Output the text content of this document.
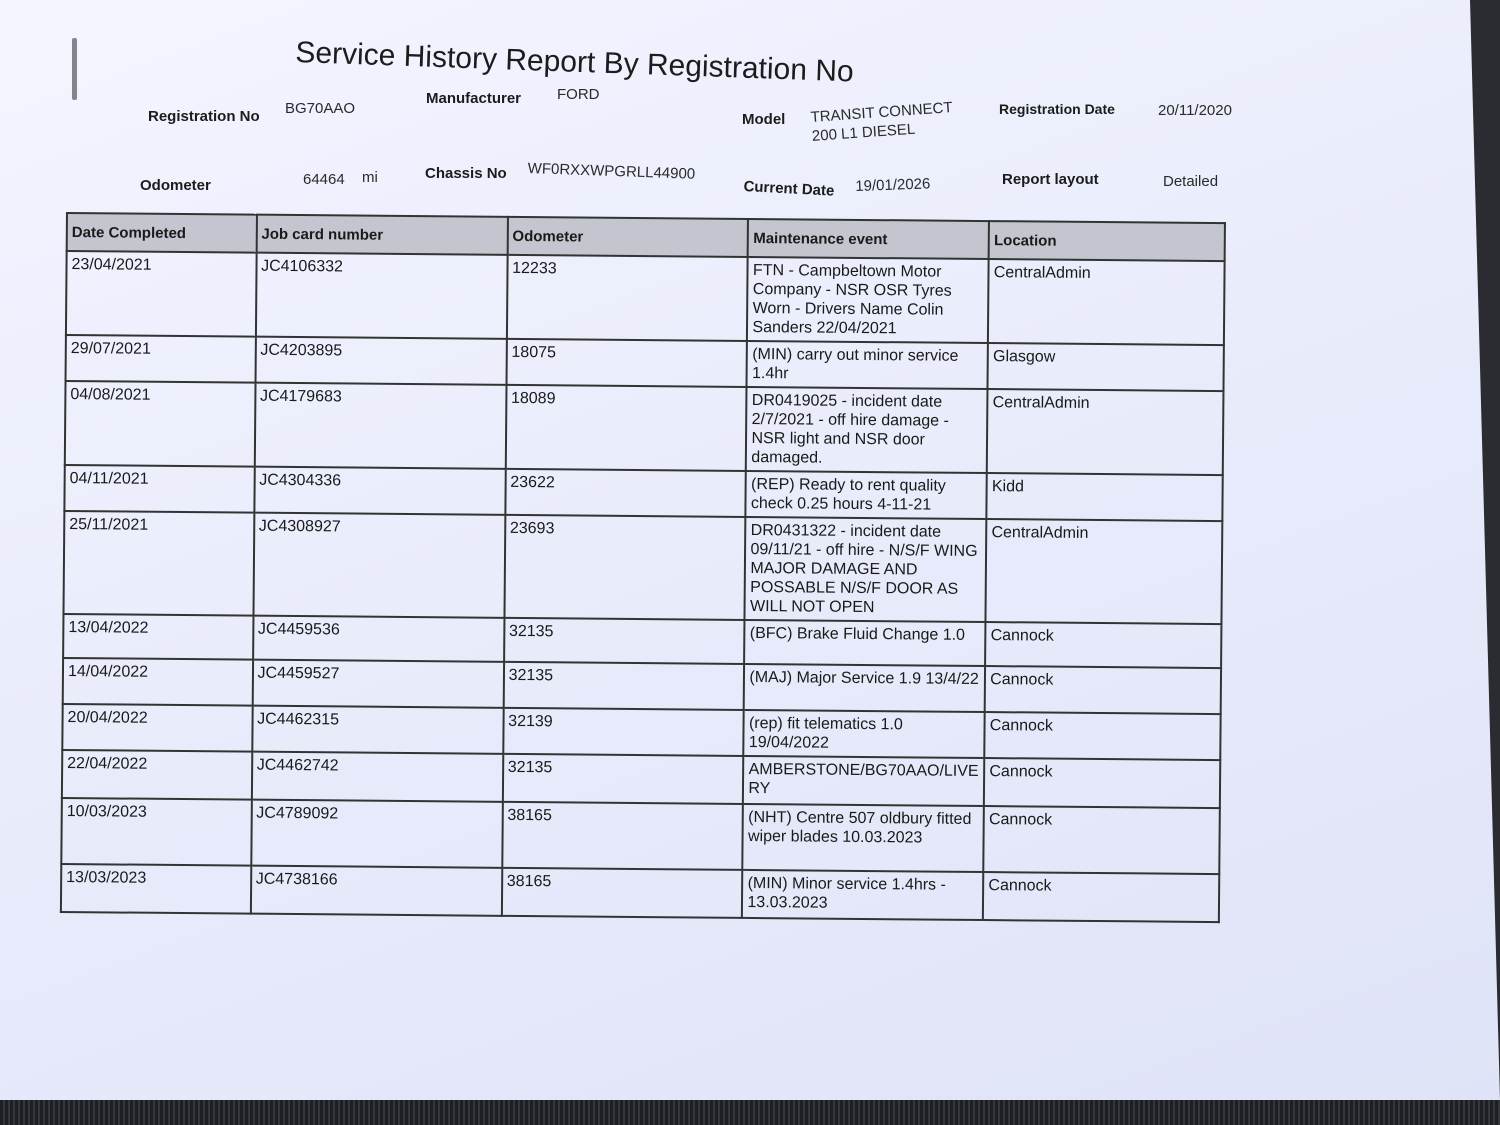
Service History Report By Registration No
Registration No BG70AAO
Manufacturer FORD
Model TRANSIT CONNECT
200 L1 DIESEL
Registration Date	20/11/2020
Odometer	64464 mi	Chassis No WF0RXXWPGRLL44900
Current Date 19/01/2026	Report layout	Detailed
Date Completed	Job card number	Odometer	Maintenance event	Location
23/04/2021	JC4106332	12233	FTN - Campbeltown Motor Company - NSR OSR Tyres Worn - Drivers Name Colin Sanders 22/04/2021	CentralAdmin
29/07/2021	JC4203895	18075	(MIN) carry out minor service 1.4hr	Glasgow
04/08/2021	JC4179683	18089	DR0419025 - incident date 2/7/2021 - off hire damage - NSR light and NSR door damaged.	CentralAdmin
04/11/2021	JC4304336	23622	(REP) Ready to rent quality check 0.25 hours 4-11-21	Kidd
25/11/2021	JC4308927	23693	DR0431322 - incident date 09/11/21 - off hire - N/S/F WING MAJOR DAMAGE AND POSSABLE N/S/F DOOR AS WILL NOT OPEN	CentralAdmin
13/04/2022	JC4459536	32135	(BFC) Brake Fluid Change 1.0	Cannock
14/04/2022	JC4459527	32135	(MAJ) Major Service 1.9 13/4/22	Cannock
20/04/2022	JC4462315	32139	(rep) fit telematics 1.0 19/04/2022	Cannock
22/04/2022	JC4462742	32135	AMBERSTONE/BG70AAO/LIVERY	Cannock
10/03/2023	JC4789092	38165	(NHT) Centre 507 oldbury fitted wiper blades 10.03.2023	Cannock
13/03/2023	JC4738166	38165	(MIN) Minor service 1.4hrs - 13.03.2023	Cannock
